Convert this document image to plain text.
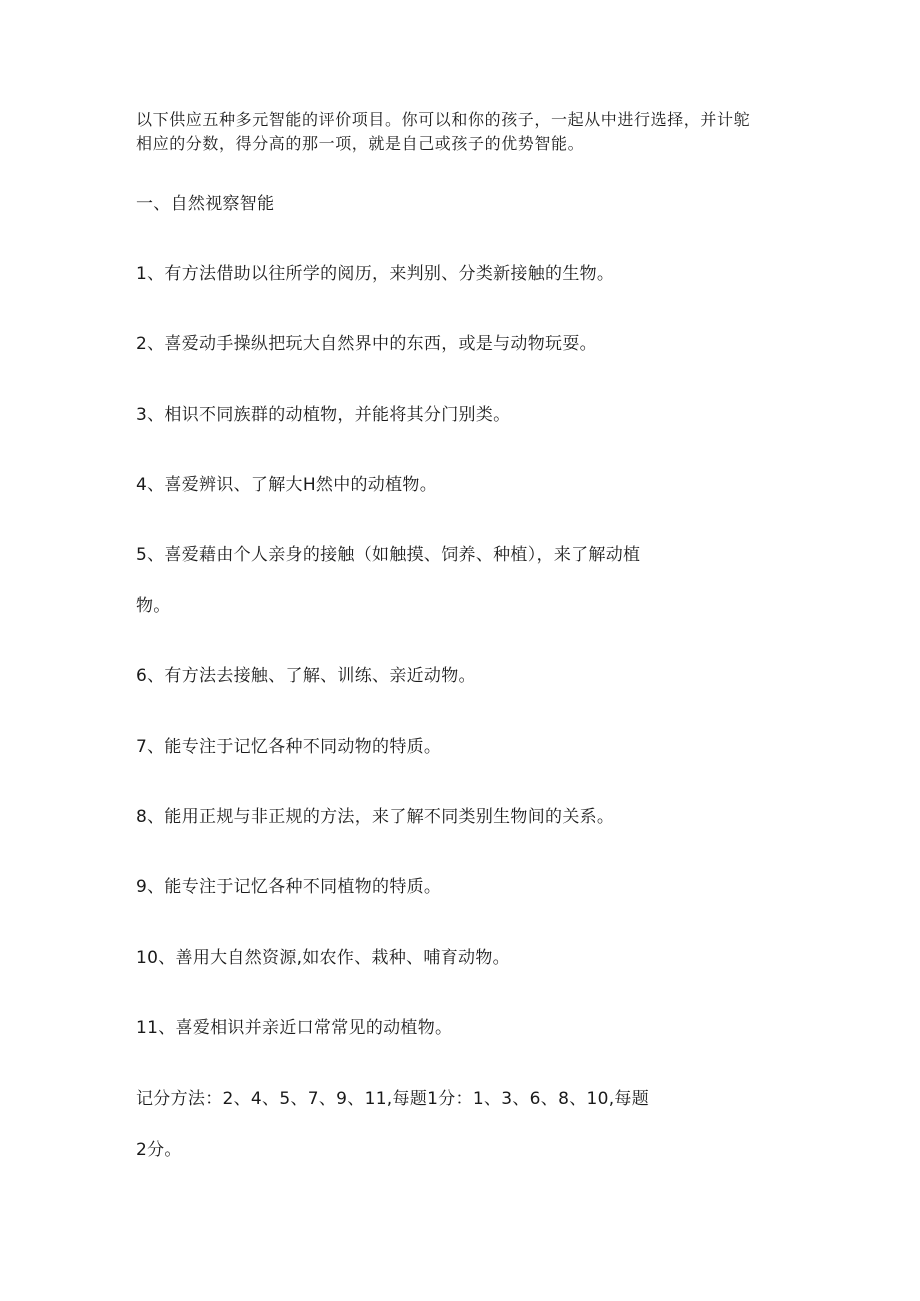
以下供应五种多元智能的评价项目。你可以和你的孩子，一起从中进行选择，并计鸵
相应的分数，得分高的那一项，就是自己或孩子的优势智能。
一、自然视察智能
1、有方法借助以往所学的阅历，来判别、分类新接触的生物。
2、喜爱动手操纵把玩大自然界中的东西，或是与动物玩耍。
3、相识不同族群的动植物，并能将其分门别类。
4、喜爱辨识、了解大H然中的动植物。
5、喜爱藉由个人亲身的接触（如触摸、饲养、种植），来了解动植
物。
6、有方法去接触、了解、训练、亲近动物。
7、能专注于记忆各种不同动物的特质。
8、能用正规与非正规的方法，来了解不同类别生物间的关系。
9、能专注于记忆各种不同植物的特质。
10、善用大自然资源,如农作、栽种、哺育动物。
11、喜爱相识并亲近口常常见的动植物。
记分方法：2、4、5、7、9、11,每题1分：1、3、6、8、10,每题
2分。
